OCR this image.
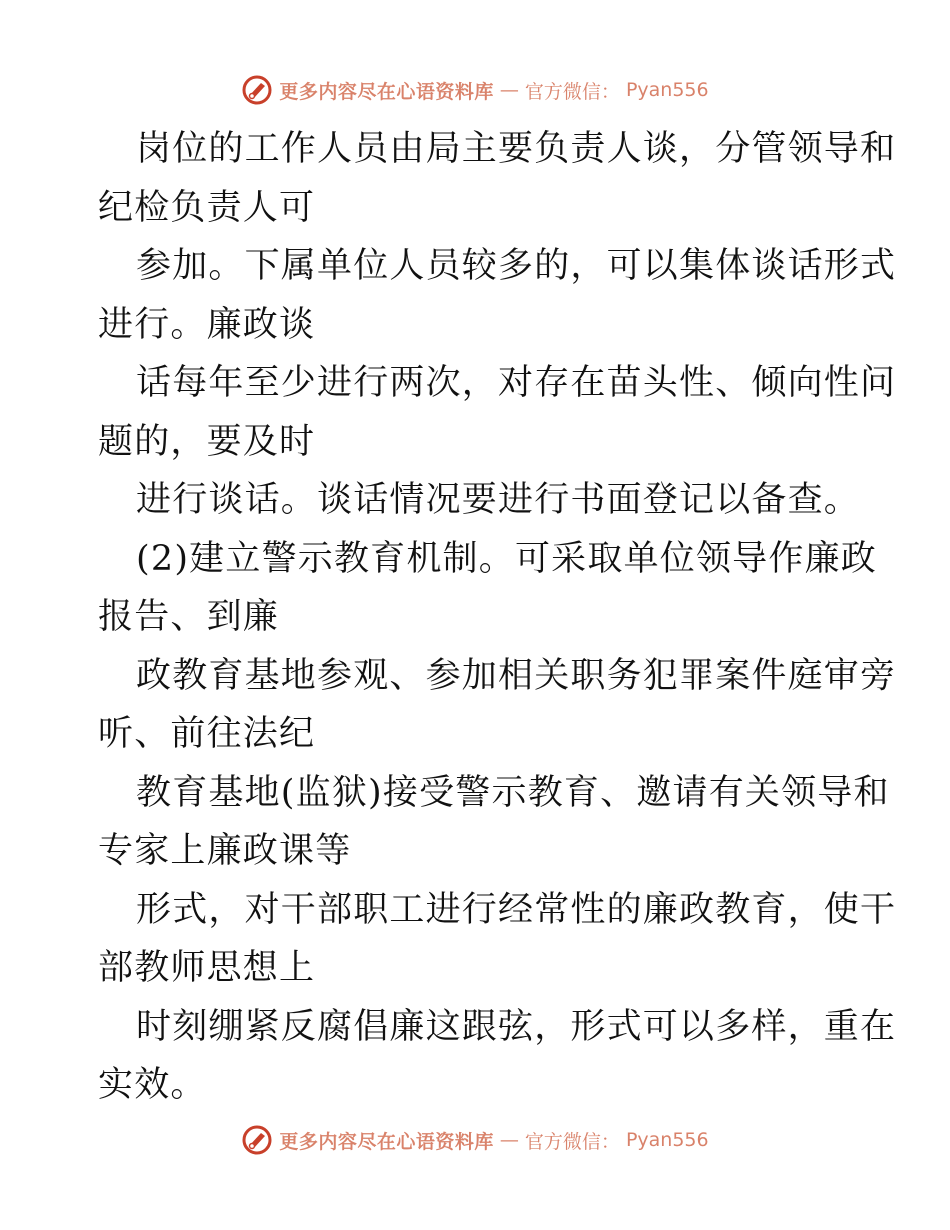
更多内容尽在心语资料库 — 官方微信： Pyan556
岗位的工作人员由局主要负责人谈，分管领导和
纪检负责人可
参加。下属单位人员较多的，可以集体谈话形式
进行。廉政谈
话每年至少进行两次，对存在苗头性、倾向性问
题的，要及时
进行谈话。谈话情况要进行书面登记以备查。
(2)建立警示教育机制。可采取单位领导作廉政
报告、到廉
政教育基地参观、参加相关职务犯罪案件庭审旁
听、前往法纪
教育基地(监狱)接受警示教育、邀请有关领导和
专家上廉政课等
形式，对干部职工进行经常性的廉政教育，使干
部教师思想上
时刻绷紧反腐倡廉这跟弦，形式可以多样，重在
实效。
更多内容尽在心语资料库 — 官方微信： Pyan556
